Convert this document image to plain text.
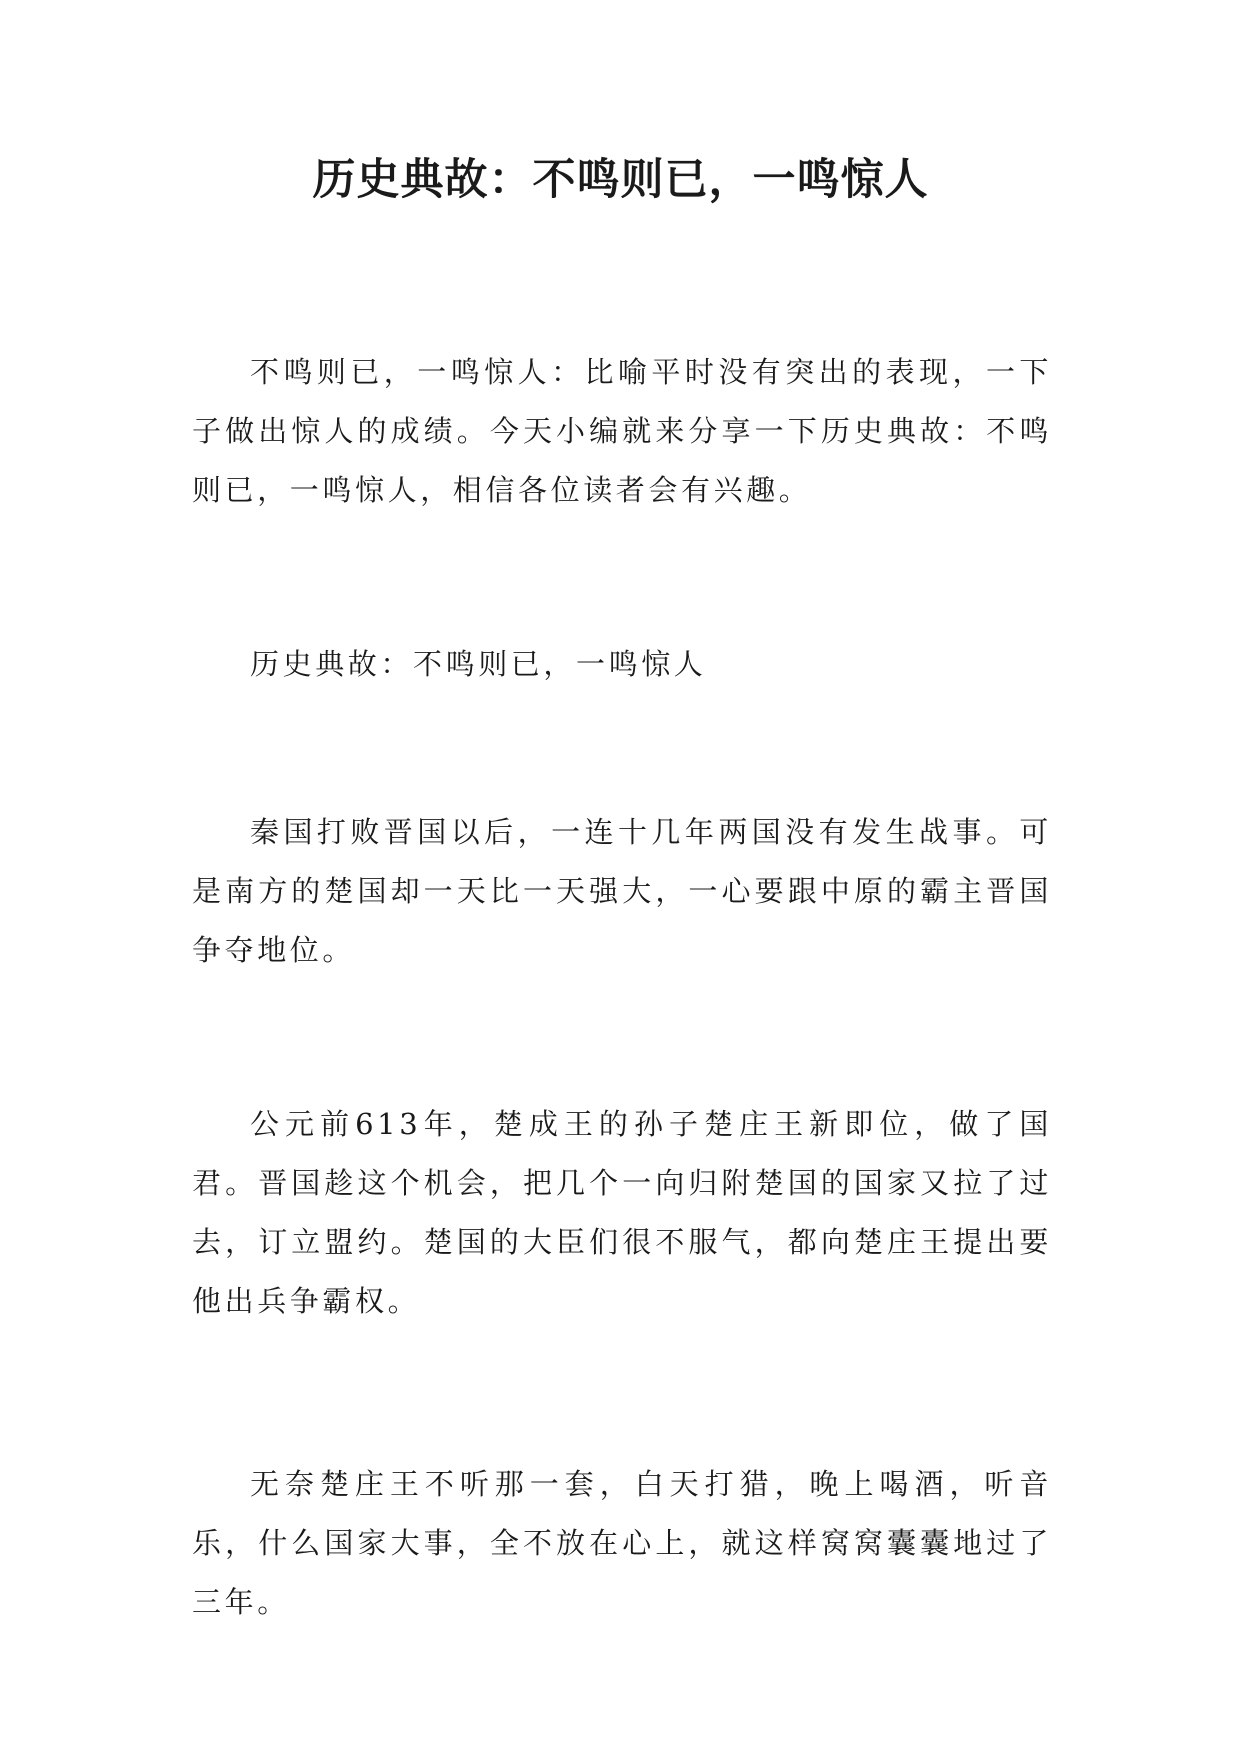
历史典故：不鸣则已，一鸣惊人

不鸣则已，一鸣惊人：比喻平时没有突出的表现，一下子做出惊人的成绩。今天小编就来分享一下历史典故：不鸣则已，一鸣惊人，相信各位读者会有兴趣。

历史典故：不鸣则已，一鸣惊人

秦国打败晋国以后，一连十几年两国没有发生战事。可是南方的楚国却一天比一天强大，一心要跟中原的霸主晋国争夺地位。

公元前613年，楚成王的孙子楚庄王新即位，做了国君。晋国趁这个机会，把几个一向归附楚国的国家又拉了过去，订立盟约。楚国的大臣们很不服气，都向楚庄王提出要他出兵争霸权。

无奈楚庄王不听那一套，白天打猎，晚上喝酒，听音乐，什么国家大事，全不放在心上，就这样窝窝囊囊地过了三年。
